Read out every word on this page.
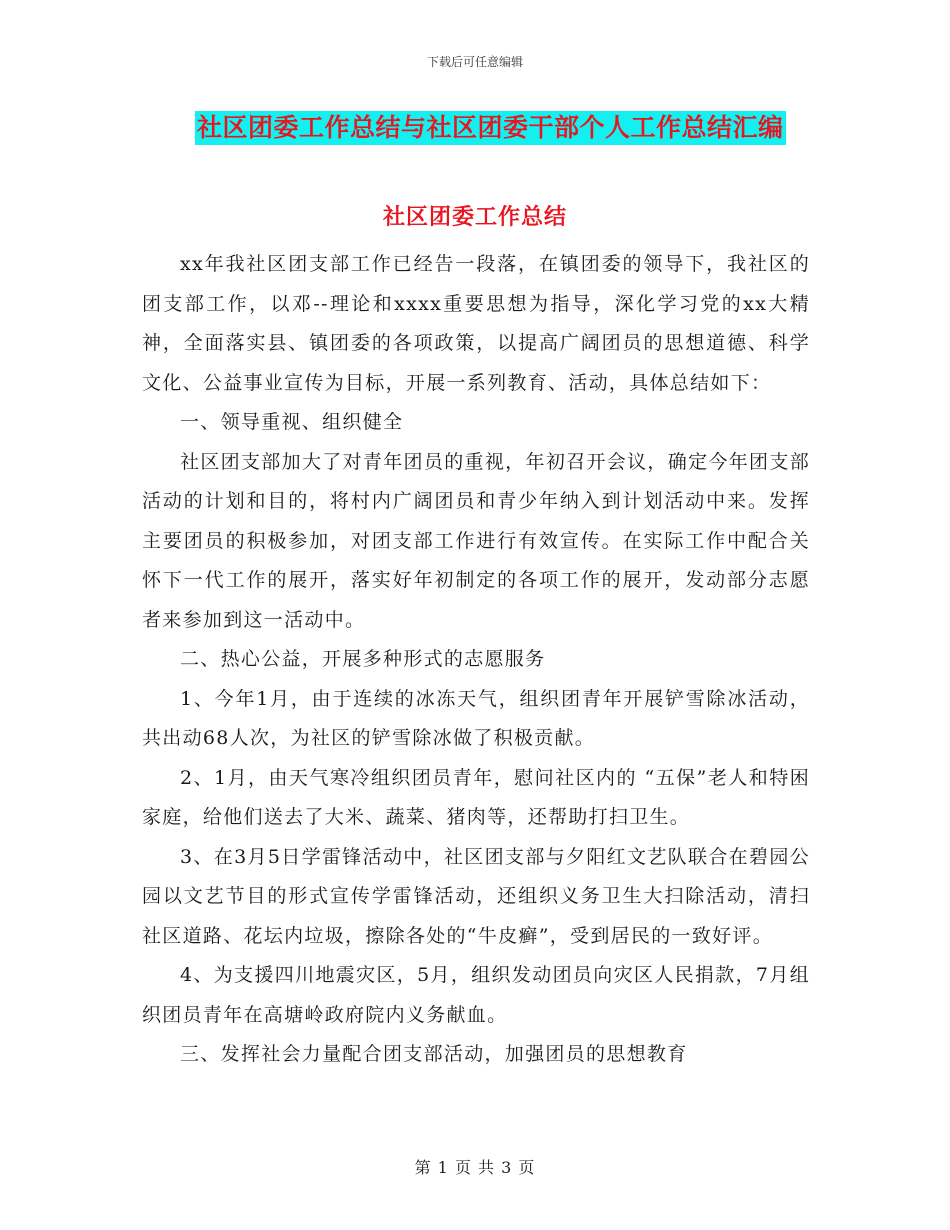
下载后可任意编辑
社区团委工作总结与社区团委干部个人工作总结汇编
社区团委工作总结

xx年我社区团支部工作已经告一段落，在镇团委的领导下，我社区的团支部工作，以邓--理论和xxxx重要思想为指导，深化学习党的xx大精神，全面落实县、镇团委的各项政策，以提高广阔团员的思想道德、科学文化、公益事业宣传为目标，开展一系列教育、活动，具体总结如下：

一、领导重视、组织健全

社区团支部加大了对青年团员的重视，年初召开会议，确定今年团支部活动的计划和目的，将村内广阔团员和青少年纳入到计划活动中来。发挥主要团员的积极参加，对团支部工作进行有效宣传。在实际工作中配合关怀下一代工作的展开，落实好年初制定的各项工作的展开，发动部分志愿者来参加到这一活动中。

二、热心公益，开展多种形式的志愿服务

1、今年1月，由于连续的冰冻天气，组织团青年开展铲雪除冰活动，共出动68人次，为社区的铲雪除冰做了积极贡献。

2、1月，由天气寒冷组织团员青年，慰问社区内的 “五保”老人和特困家庭，给他们送去了大米、蔬菜、猪肉等，还帮助打扫卫生。

3、在3月5日学雷锋活动中，社区团支部与夕阳红文艺队联合在碧园公园以文艺节目的形式宣传学雷锋活动，还组织义务卫生大扫除活动，清扫社区道路、花坛内垃圾，擦除各处的“牛皮癣”，受到居民的一致好评。

4、为支援四川地震灾区，5月，组织发动团员向灾区人民捐款，7月组织团员青年在高塘岭政府院内义务献血。

三、发挥社会力量配合团支部活动，加强团员的思想教育

第 1 页 共 3 页
